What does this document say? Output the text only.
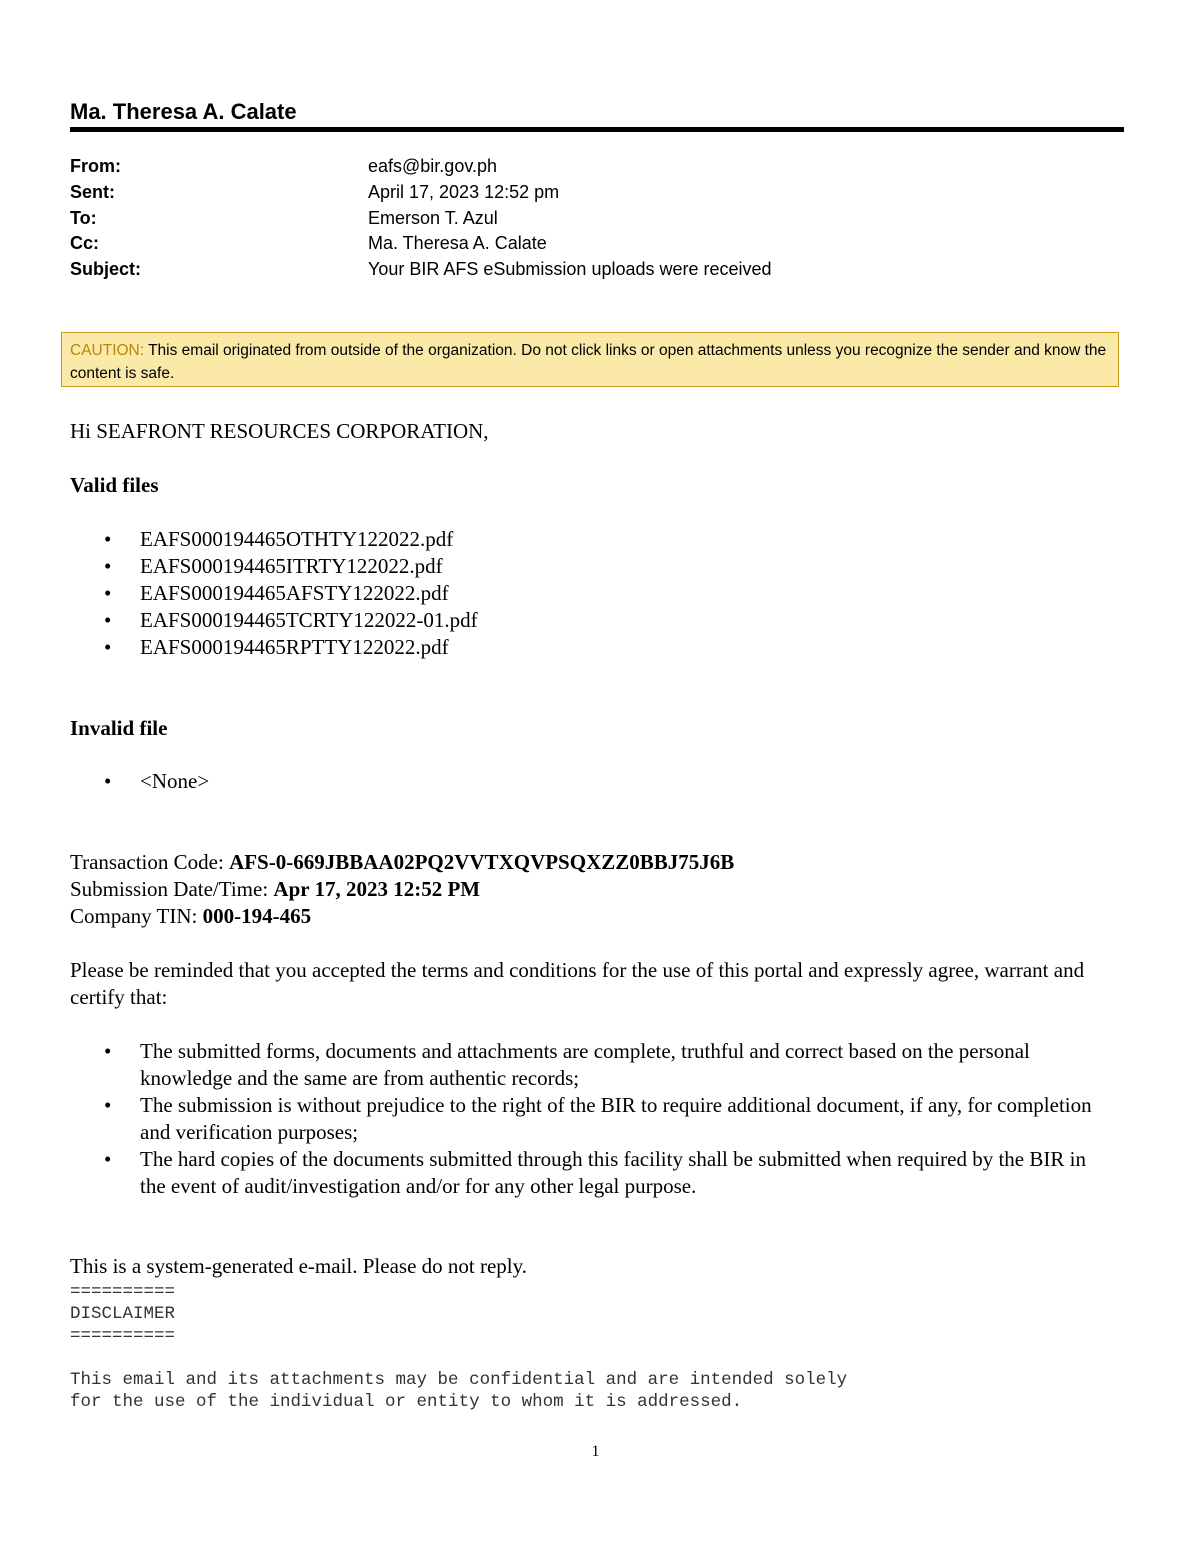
Ma. Theresa A. Calate
From:	eafs@bir.gov.ph
Sent:	April 17, 2023 12:52 pm
To:	Emerson T. Azul
Cc:	Ma. Theresa A. Calate
Subject:	Your BIR AFS eSubmission uploads were received
CAUTION: This email originated from outside of the organization. Do not click links or open attachments unless you recognize the sender and know the content is safe.

Hi SEAFRONT RESOURCES CORPORATION,

Valid files

• EAFS000194465OTHTY122022.pdf
• EAFS000194465ITRTY122022.pdf
• EAFS000194465AFSTY122022.pdf
• EAFS000194465TCRTY122022-01.pdf
• EAFS000194465RPTTY122022.pdf

Invalid file

• <None>

Transaction Code: AFS-0-669JBBAA02PQ2VVTXQVPSQXZZ0BBJ75J6B

Submission Date/Time: Apr 17, 2023 12:52 PM

Company TIN: 000-194-465

Please be reminded that you accepted the terms and conditions for the use of this portal and expressly agree, warrant and certify that:

• The submitted forms, documents and attachments are complete, truthful and correct based on the personal knowledge and the same are from authentic records;
• The submission is without prejudice to the right of the BIR to require additional document, if any, for completion and verification purposes;
• The hard copies of the documents submitted through this facility shall be submitted when required by the BIR in the event of audit/investigation and/or for any other legal purpose.

This is a system-generated e-mail. Please do not reply.

==========
DISCLAIMER
==========
This email and its attachments may be confidential and are intended solely
for the use of the individual or entity to whom it is addressed.
1
